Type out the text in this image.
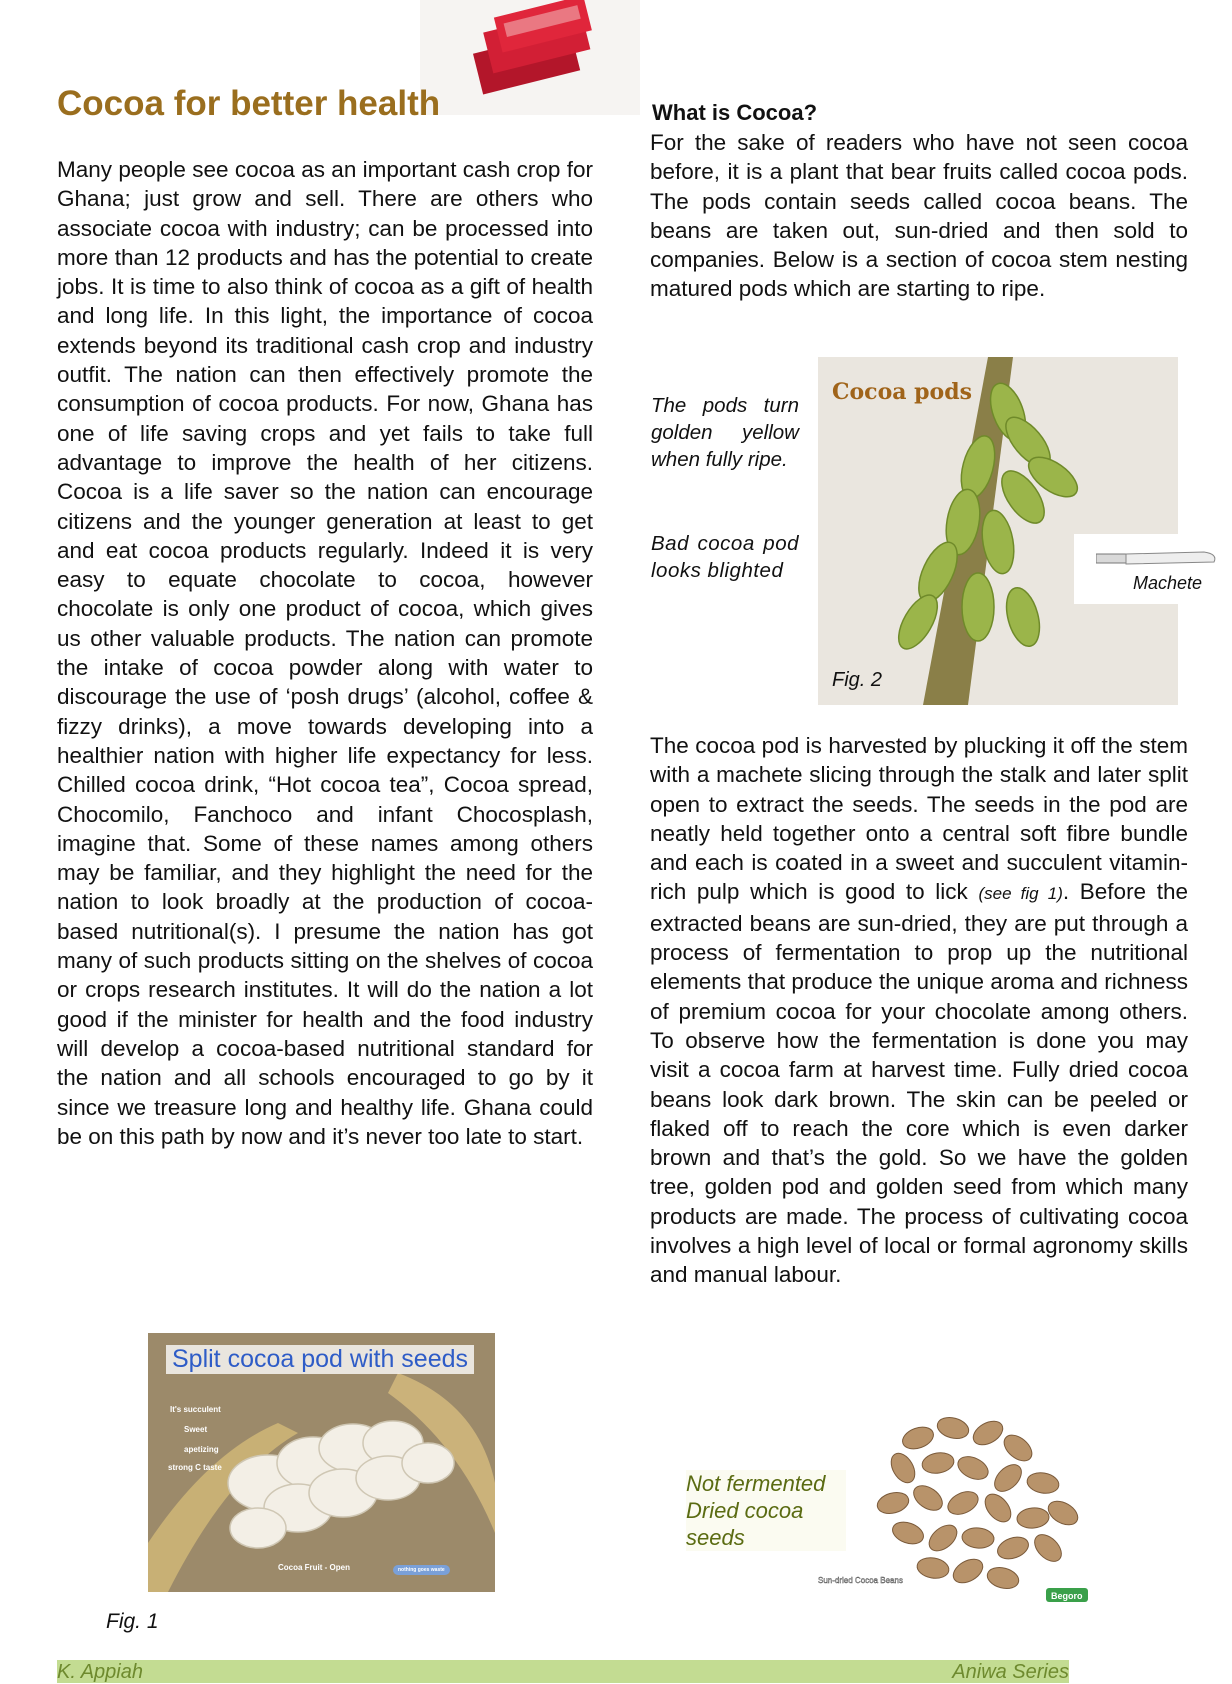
Cocoa for better health

Many people see cocoa as an important cash crop for Ghana; just grow and sell. There are others who associate cocoa with industry; can be processed into more than 12 products and has the potential to create jobs. It is time to also think of cocoa as a gift of health and long life. In this light, the importance of cocoa extends beyond its traditional cash crop and industry outfit. The nation can then effectively promote the consumption of cocoa products. For now, Ghana has one of life saving crops and yet fails to take full advantage to improve the health of her citizens. Cocoa is a life saver so the nation can encourage citizens and the younger generation at least to get and eat cocoa products regularly. Indeed it is very easy to equate chocolate to cocoa, however chocolate is only one product of cocoa, which gives us other valuable products. The nation can promote the intake of cocoa powder along with water to discourage the use of ‘posh drugs’ (alcohol, coffee & fizzy drinks), a move towards developing into a healthier nation with higher life expectancy for less. Chilled cocoa drink, “Hot cocoa tea”, Cocoa spread, Chocomilo, Fanchoco and infant Chocosplash, imagine that. Some of these names among others may be familiar, and they highlight the need for the nation to look broadly at the production of cocoa-based nutritional(s). I presume the nation has got many of such products sitting on the shelves of cocoa or crops research institutes. It will do the nation a lot good if the minister for health and the food industry will develop a cocoa-based nutritional standard for the nation and all schools encouraged to go by it since we treasure long and healthy life. Ghana could be on this path by now and it’s never too late to start.

What is Cocoa?

For the sake of readers who have not seen cocoa before, it is a plant that bear fruits called cocoa pods. The pods contain seeds called cocoa beans. The beans are taken out, sun-dried and then sold to companies. Below is a section of cocoa stem nesting matured pods which are starting to ripe.

The pods turn golden yellow when fully ripe.

Bad cocoa pod looks blighted

Cocoa pods
Fig. 2
Machete

The cocoa pod is harvested by plucking it off the stem with a machete slicing through the stalk and later split open to extract the seeds. The seeds in the pod are neatly held together onto a central soft fibre bundle and each is coated in a sweet and succulent vitamin-rich pulp which is good to lick (see fig 1). Before the extracted beans are sun-dried, they are put through a process of fermentation to prop up the nutritional elements that produce the unique aroma and richness of premium cocoa for your chocolate among others. To observe how the fermentation is done you may visit a cocoa farm at harvest time. Fully dried cocoa beans look dark brown. The skin can be peeled or flaked off to reach the core which is even darker brown and that’s the gold. So we have the golden tree, golden pod and golden seed from which many products are made. The process of cultivating cocoa involves a high level of local or formal agronomy skills and manual labour.

Split cocoa pod with seeds
It's succulent
Sweet
apetizing
strong C taste
Cocoa Fruit - Open	nothing goes waste
Fig. 1
Sun-dried Cocoa Beans
Begoro

Not fermented Dried cocoa seeds

K. Appiah	Aniwa Series
